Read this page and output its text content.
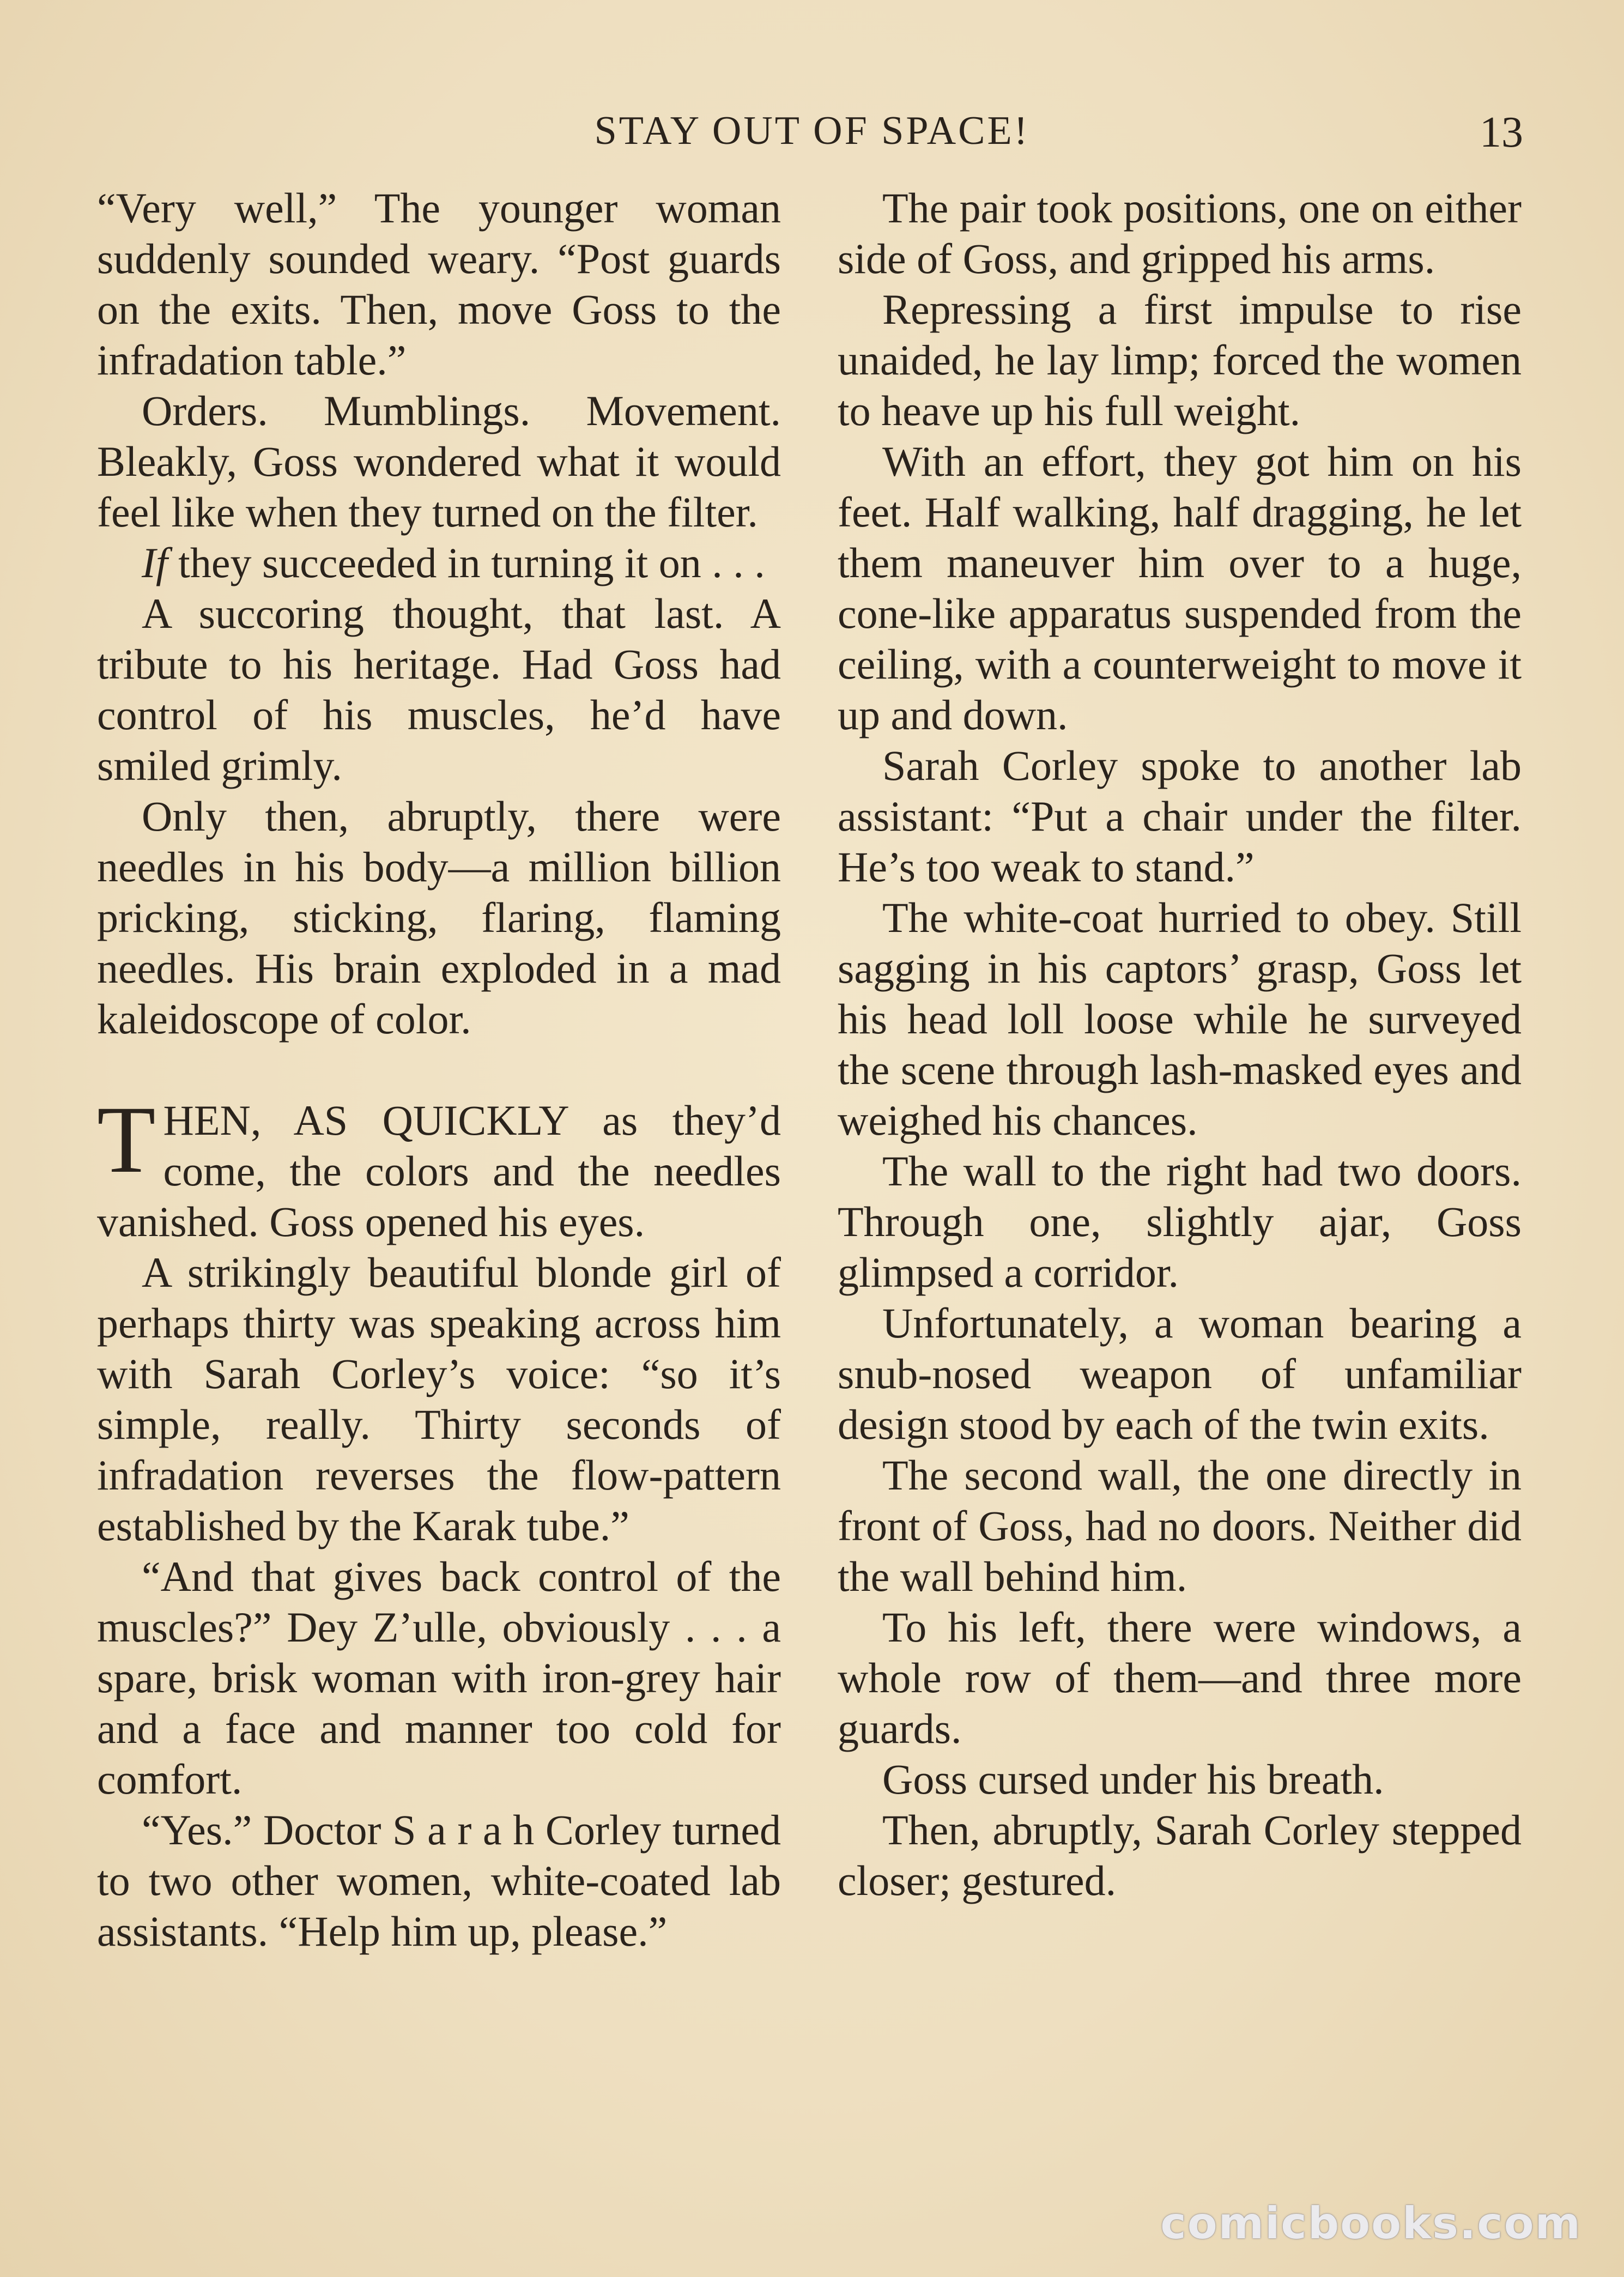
STAY OUT OF SPACE!	13

“Very well,” The younger woman suddenly sounded weary. “Post guards on the exits. Then, move Goss to the infradation table.”

Orders. Mumblings. Movement. Bleakly, Goss wondered what it would feel like when they turned on the filter.

If they succeeded in turning it on . . .

A succoring thought, that last. A tribute to his heritage. Had Goss had control of his muscles, he’d have smiled grimly.

Only then, abruptly, there were needles in his body—a million billion pricking, sticking, flaring, flaming needles. His brain exploded in a mad kaleidoscope of color.

THEN, AS QUICKLY as they’d come, the colors and the needles vanished. Goss opened his eyes.

A strikingly beautiful blonde girl of perhaps thirty was speaking across him with Sarah Corley’s voice: “so it’s simple, really. Thirty seconds of infradation reverses the flow-pattern established by the Karak tube.”

“And that gives back control of the muscles?” Dey Z’ulle, obviously . . . a spare, brisk woman with iron-grey hair and a face and manner too cold for comfort.

“Yes.” Doctor S a r a h Corley turned to two other women, white-coated lab assistants. “Help him up, please.”

The pair took positions, one on either side of Goss, and gripped his arms.

Repressing a first impulse to rise unaided, he lay limp; forced the women to heave up his full weight.

With an effort, they got him on his feet. Half walking, half dragging, he let them maneuver him over to a huge, cone-like apparatus suspended from the ceiling, with a counterweight to move it up and down.

Sarah Corley spoke to another lab assistant: “Put a chair under the filter. He’s too weak to stand.”

The white-coat hurried to obey. Still sagging in his captors’ grasp, Goss let his head loll loose while he surveyed the scene through lash-masked eyes and weighed his chances.

The wall to the right had two doors. Through one, slightly ajar, Goss glimpsed a corridor.

Unfortunately, a woman bearing a snub-nosed weapon of unfamiliar design stood by each of the twin exits.

The second wall, the one directly in front of Goss, had no doors. Neither did the wall behind him.

To his left, there were windows, a whole row of them—and three more guards.

Goss cursed under his breath.

Then, abruptly, Sarah Corley stepped closer; gestured.

comicbooks.com
